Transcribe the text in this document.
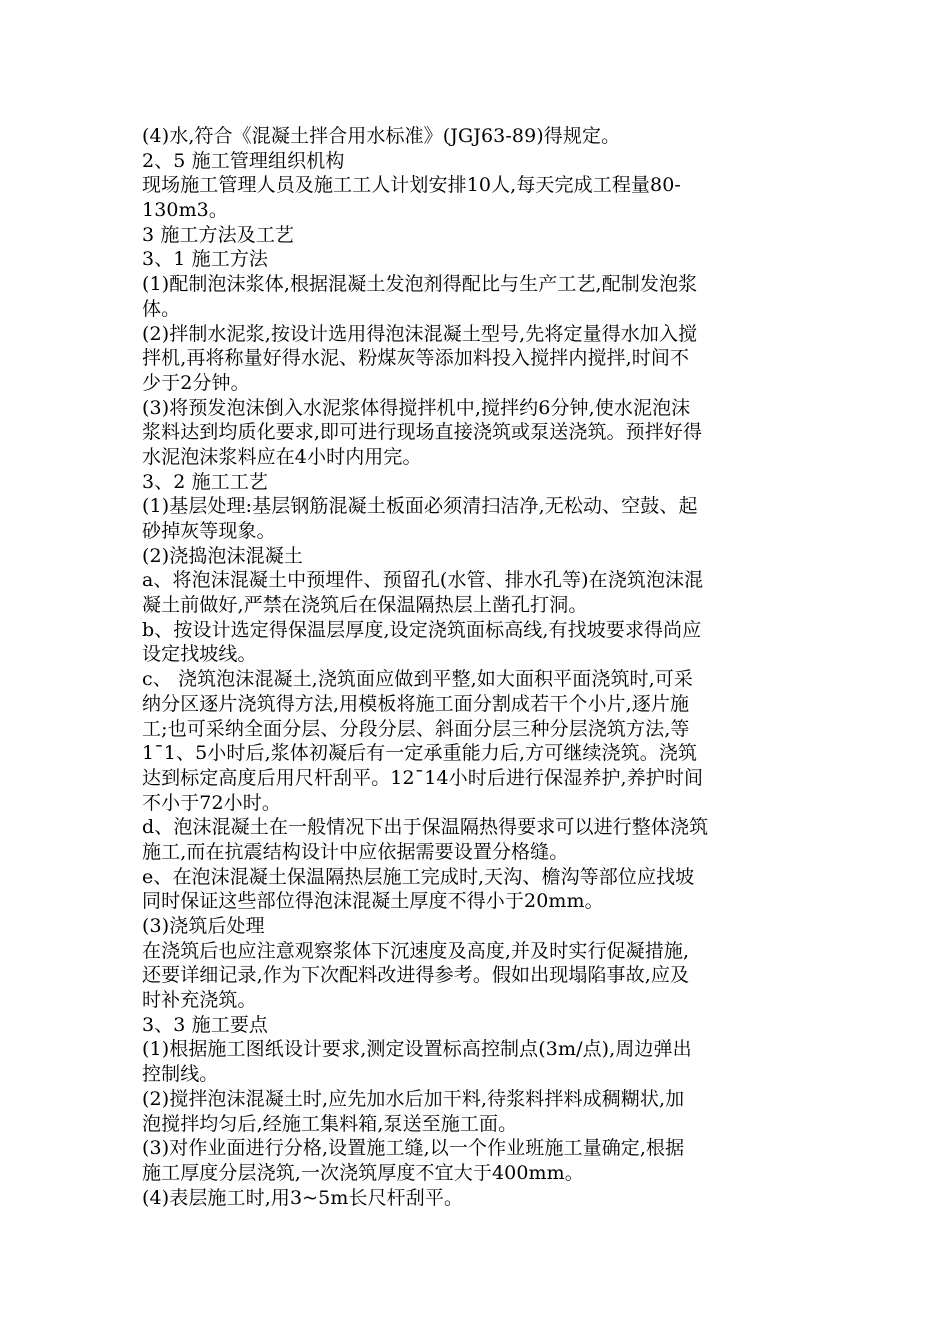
(4)水,符合《混凝土拌合用水标准》(JGJ63-89)得规定。
2、5 施工管理组织机构
现场施工管理人员及施工工人计划安排10人,每天完成工程量80-
130m3。
3 施工方法及工艺
3、1 施工方法
(1)配制泡沫浆体,根据混凝土发泡剂得配比与生产工艺,配制发泡浆
体。
(2)拌制水泥浆,按设计选用得泡沫混凝土型号,先将定量得水加入搅
拌机,再将称量好得水泥、粉煤灰等添加料投入搅拌内搅拌,时间不
少于2分钟。
(3)将预发泡沫倒入水泥浆体得搅拌机中,搅拌约6分钟,使水泥泡沫
浆料达到均质化要求,即可进行现场直接浇筑或泵送浇筑。预拌好得
水泥泡沫浆料应在4小时内用完。
3、2 施工工艺
(1)基层处理:基层钢筋混凝土板面必须清扫洁净,无松动、空鼓、起
砂掉灰等现象。
(2)浇捣泡沫混凝土
a、将泡沫混凝土中预埋件、预留孔(水管、排水孔等)在浇筑泡沫混
凝土前做好,严禁在浇筑后在保温隔热层上凿孔打洞。
b、按设计选定得保温层厚度,设定浇筑面标高线,有找坡要求得尚应
设定找坡线。
c、 浇筑泡沫混凝土,浇筑面应做到平整,如大面积平面浇筑时,可采
纳分区逐片浇筑得方法,用模板将施工面分割成若干个小片,逐片施
工;也可采纳全面分层、分段分层、斜面分层三种分层浇筑方法,等
1¯1、5小时后,浆体初凝后有一定承重能力后,方可继续浇筑。浇筑
达到标定高度后用尺杆刮平。12¯14小时后进行保湿养护,养护时间
不小于72小时。
d、泡沫混凝土在一般情况下出于保温隔热得要求可以进行整体浇筑
施工,而在抗震结构设计中应依据需要设置分格缝。
e、在泡沫混凝土保温隔热层施工完成时,天沟、檐沟等部位应找坡
同时保证这些部位得泡沫混凝土厚度不得小于20mm。
(3)浇筑后处理
在浇筑后也应注意观察浆体下沉速度及高度,并及时实行促凝措施,
还要详细记录,作为下次配料改进得参考。假如出现塌陷事故,应及
时补充浇筑。
3、3 施工要点
(1)根据施工图纸设计要求,测定设置标高控制点(3m/点),周边弹出
控制线。
(2)搅拌泡沫混凝土时,应先加水后加干料,待浆料拌料成稠糊状,加
泡搅拌均匀后,经施工集料箱,泵送至施工面。
(3)对作业面进行分格,设置施工缝,以一个作业班施工量确定,根据
施工厚度分层浇筑,一次浇筑厚度不宜大于400mm。
(4)表层施工时,用3~5m长尺杆刮平。
